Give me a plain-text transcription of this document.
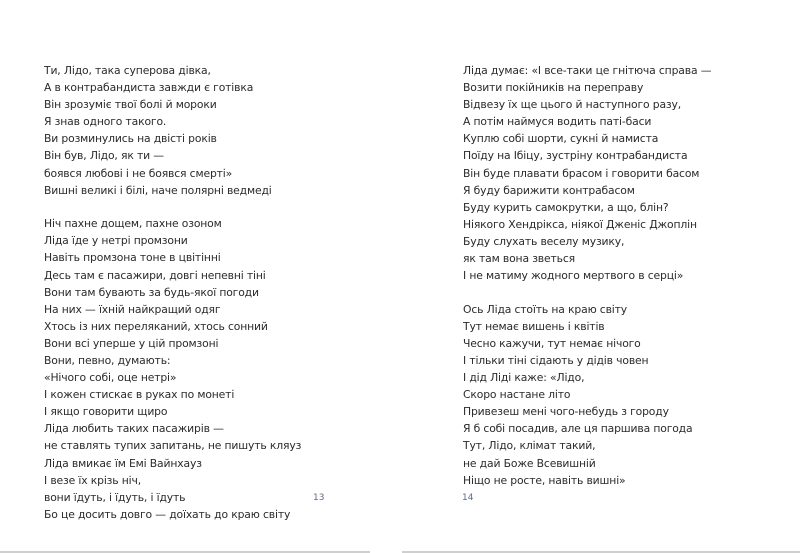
Ти, Лідо, така суперова дівка,
А в контрабандиста завжди є готівка
Він зрозуміє твої болі й мороки
Я знав одного такого.
Ви розминулись на двісті років
Він був, Лідо, як ти —
боявся любові і не боявся смерті»
Вишні великі і білі, наче полярні ведмеді
Ніч пахне дощем, пахне озоном
Ліда їде у нетрі промзони
Навіть промзона тоне в цвітінні
Десь там є пасажири, довгі непевні тіні
Вони там бувають за будь-якої погоди
На них — їхній найкращий одяг
Хтось із них переляканий, хтось сонний
Вони всі уперше у цій промзоні
Вони, певно, думають:
«Нічого собі, оце нетрі»
І кожен стискає в руках по монеті
І якщо говорити щиро
Ліда любить таких пасажирів —
не ставлять тупих запитань, не пишуть кляуз
Ліда вмикає їм Емі Вайнхауз
І везе їх крізь ніч,
вони їдуть, і їдуть, і їдуть
Бо це досить довго — доїхать до краю світу
13
Ліда думає: «І все-таки це гнітюча справа —
Возити покійників на переправу
Відвезу їх ще цього й наступного разу,
А потім наймуся водить паті-баси
Куплю собі шорти, сукні й намиста
Поїду на Ібіцу, зустріну контрабандиста
Він буде плавати брасом і говорити басом
Я буду барижити контрабасом
Буду курить самокрутки, а що, блін?
Ніякого Хендрікса, ніякої Дженіс Джоплін
Буду слухать веселу музику,
як там вона зветься
І не матиму жодного мертвого в серці»
Ось Ліда стоїть на краю світу
Тут немає вишень і квітів
Чесно кажучи, тут немає нічого
І тільки тіні сідають у дідів човен
І дід Ліді каже: «Лідо,
Скоро настане літо
Привезеш мені чого-небудь з городу
Я б собі посадив, але ця паршива погода
Тут, Лідо, клімат такий,
не дай Боже Всевишній
Ніщо не росте, навіть вишні»
14
